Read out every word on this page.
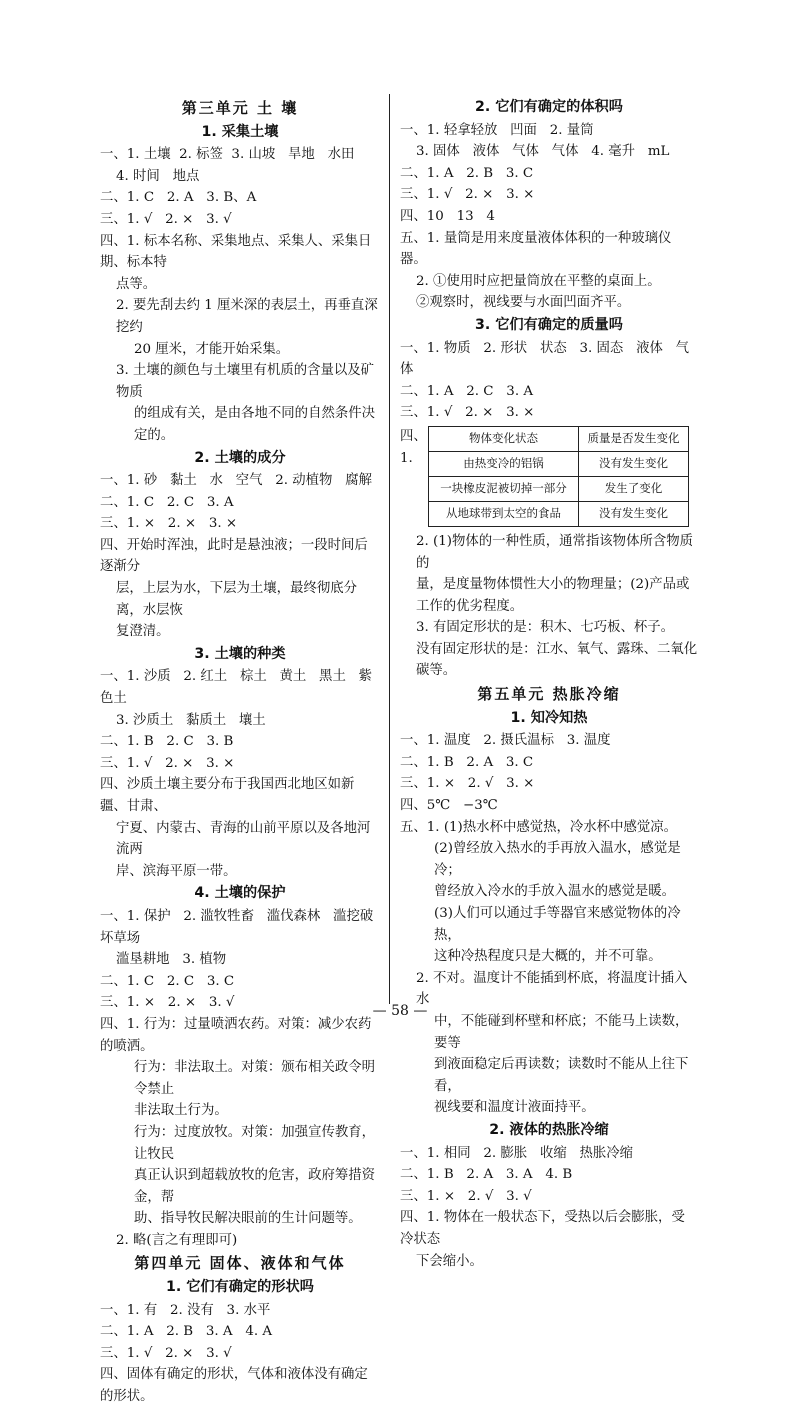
第三单元 土 壤
1. 采集土壤
一、1. 土壤  2. 标签  3. 山坡   旱地   水田
4. 时间   地点
二、1. C   2. A   3. B、A
三、1. √   2. ×   3. √
四、1. 标本名称、采集地点、采集人、采集日期、标本特
点等。
2. 要先刮去约 1 厘米深的表层土，再垂直深挖约
20 厘米，才能开始采集。
3. 土壤的颜色与土壤里有机质的含量以及矿物质
的组成有关，是由各地不同的自然条件决定的。
2. 土壤的成分
一、1. 砂   黏土   水   空气   2. 动植物   腐解
二、1. C   2. C   3. A
三、1. ×   2. ×   3. ×
四、开始时浑浊，此时是悬浊液；一段时间后逐渐分
层，上层为水，下层为土壤，最终彻底分离，水层恢
复澄清。
3. 土壤的种类
一、1. 沙质   2. 红土   棕土   黄土   黑土   紫色土
3. 沙质土   黏质土   壤土
二、1. B   2. C   3. B
三、1. √   2. ×   3. ×
四、沙质土壤主要分布于我国西北地区如新疆、甘肃、
宁夏、内蒙古、青海的山前平原以及各地河流两
岸、滨海平原一带。
4. 土壤的保护
一、1. 保护   2. 滥牧牲畜   滥伐森林   滥挖破坏草场
滥垦耕地   3. 植物
二、1. C   2. C   3. C
三、1. ×   2. ×   3. √
四、1. 行为：过量喷洒农药。对策：减少农药的喷洒。
行为：非法取土。对策：颁布相关政令明令禁止
非法取土行为。
行为：过度放牧。对策：加强宣传教育，让牧民
真正认识到超载放牧的危害，政府筹措资金，帮
助、指导牧民解决眼前的生计问题等。
2. 略(言之有理即可)
第四单元 固体、液体和气体
1. 它们有确定的形状吗
一、1. 有   2. 没有   3. 水平
二、1. A   2. B   3. A   4. A
三、1. √   2. ×   3. √
四、固体有确定的形状，气体和液体没有确定的形状。
2. 它们有确定的体积吗
一、1. 轻拿轻放   凹面   2. 量筒
3. 固体   液体   气体   气体   4. 毫升   mL
二、1. A   2. B   3. C
三、1. √   2. ×   3. ×
四、10   13   4
五、1. 量筒是用来度量液体体积的一种玻璃仪器。
2. ①使用时应把量筒放在平整的桌面上。
②观察时，视线要与水面凹面齐平。
3. 它们有确定的质量吗
一、1. 物质   2. 形状   状态   3. 固态   液体   气体
二、1. A   2. C   3. A
三、1. √   2. ×   3. ×
四、1.
物体变化状态	质量是否发生变化
由热变冷的铝锅	没有发生变化
一块橡皮泥被切掉一部分	发生了变化
从地球带到太空的食品	没有发生变化
2. (1)物体的一种性质，通常指该物体所含物质的
量，是度量物体惯性大小的物理量；(2)产品或
工作的优劣程度。
3. 有固定形状的是：积木、七巧板、杯子。
没有固定形状的是：江水、氧气、露珠、二氧化
碳等。
第五单元 热胀冷缩
1. 知冷知热
一、1. 温度   2. 摄氏温标   3. 温度
二、1. B   2. A   3. C
三、1. ×   2. √   3. ×
四、5℃   −3℃
五、1. (1)热水杯中感觉热，冷水杯中感觉凉。
(2)曾经放入热水的手再放入温水，感觉是冷；
曾经放入冷水的手放入温水的感觉是暖。
(3)人们可以通过手等器官来感觉物体的冷热，
这种冷热程度只是大概的，并不可靠。
2. 不对。温度计不能插到杯底，将温度计插入水
中，不能碰到杯壁和杯底；不能马上读数，要等
到液面稳定后再读数；读数时不能从上往下看，
视线要和温度计液面持平。
2. 液体的热胀冷缩
一、1. 相同   2. 膨胀   收缩   热胀冷缩
二、1. B   2. A   3. A   4. B
三、1. ×   2. √   3. √
四、1. 物体在一般状态下，受热以后会膨胀，受冷状态
下会缩小。
— 58 —
